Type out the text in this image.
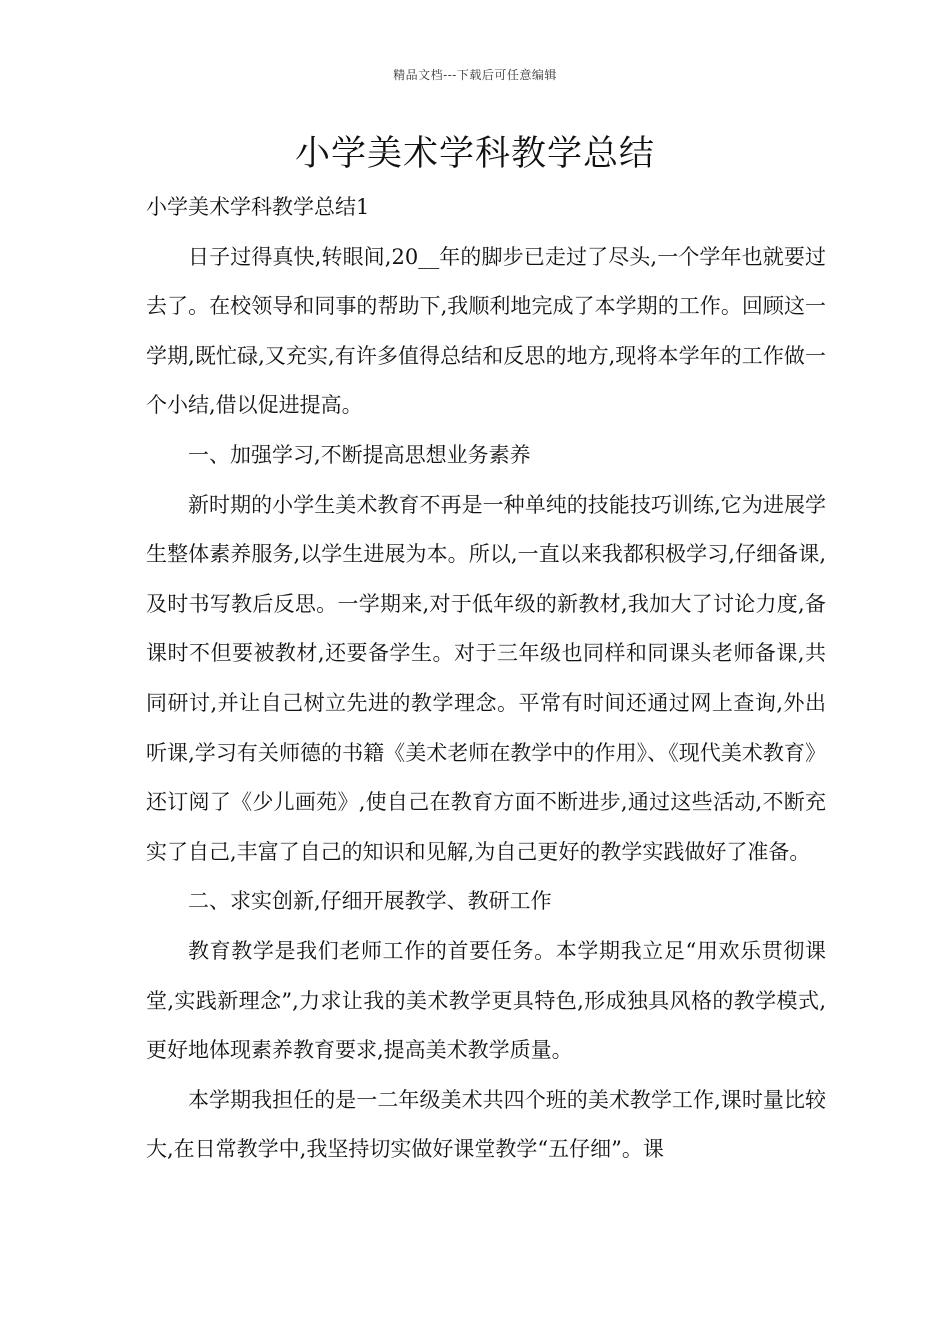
精品文档---下载后可任意编辑
小学美术学科教学总结

小学美术学科教学总结1

日子过得真快,转眼间,20__年的脚步已走过了尽头,一个学年也就要过去了。在校领导和同事的帮助下,我顺利地完成了本学期的工作。回顾这一学期,既忙碌,又充实,有许多值得总结和反思的地方,现将本学年的工作做一个小结,借以促进提高。

一、加强学习,不断提高思想业务素养

新时期的小学生美术教育不再是一种单纯的技能技巧训练,它为进展学生整体素养服务,以学生进展为本。所以,一直以来我都积极学习,仔细备课,及时书写教后反思。一学期来,对于低年级的新教材,我加大了讨论力度,备课时不但要被教材,还要备学生。对于三年级也同样和同课头老师备课,共同研讨,并让自己树立先进的教学理念。平常有时间还通过网上查询,外出听课,学习有关师德的书籍《美术老师在教学中的作用》、《现代美术教育》还订阅了《少儿画苑》,使自己在教育方面不断进步,通过这些活动,不断充实了自己,丰富了自己的知识和见解,为自己更好的教学实践做好了准备。

二、求实创新,仔细开展教学、教研工作

教育教学是我们老师工作的首要任务。本学期我立足“用欢乐贯彻课堂,实践新理念”,力求让我的美术教学更具特色,形成独具风格的教学模式,更好地体现素养教育要求,提高美术教学质量。

本学期我担任的是一二年级美术共四个班的美术教学工作,课时量比较大,在日常教学中,我坚持切实做好课堂教学“五仔细”。课
